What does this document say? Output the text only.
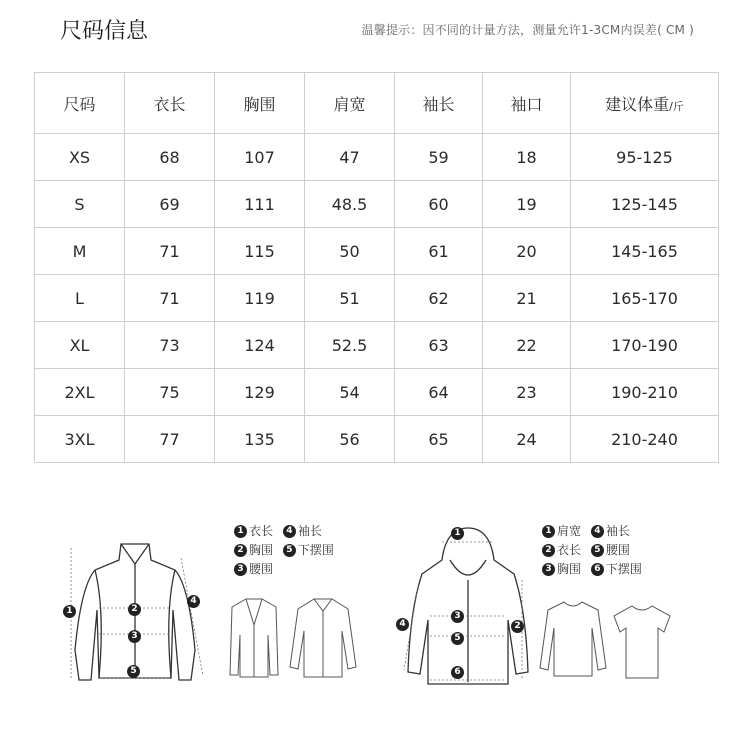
尺码信息	温馨提示：因不同的计量方法，测量允许1-3CM内误差( CM )
尺码	衣长	胸围	肩宽	袖长	袖口	建议体重/斤
XS	68	107	47	59	18	95-125
S	69	111	48.5	60	19	125-145
M	71	115	50	61	20	145-165
L	71	119	51	62	21	165-170
XL	73	124	52.5	63	22	170-190
2XL	75	129	54	64	23	190-210
3XL	77	135	56	65	24	210-240
1	2
3
4
5
1 衣长 4 袖长
2 胸围 5 下摆围
3 腰围
1
2
3
4
5
6
1 肩宽 4 袖长
2 衣长 5 腰围
3 胸围 6 下摆围
